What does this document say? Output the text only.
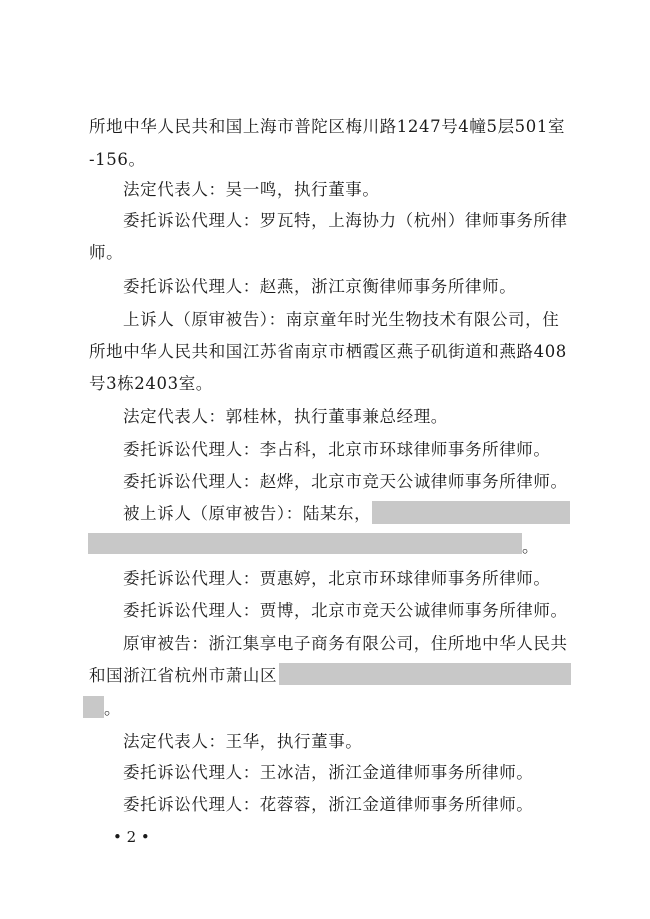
所地中华人民共和国上海市普陀区梅川路1247号4幢5层501室
-156。
法定代表人：吴一鸣，执行董事。
委托诉讼代理人：罗瓦特，上海协力（杭州）律师事务所律
师。
委托诉讼代理人：赵燕，浙江京衡律师事务所律师。
上诉人（原审被告）：南京童年时光生物技术有限公司，住
所地中华人民共和国江苏省南京市栖霞区燕子矶街道和燕路408
号3栋2403室。
法定代表人：郭桂林，执行董事兼总经理。
委托诉讼代理人：李占科，北京市环球律师事务所律师。
委托诉讼代理人：赵烨，北京市竞天公诚律师事务所律师。
被上诉人（原审被告）：陆某东，
。
委托诉讼代理人：贾惠婷，北京市环球律师事务所律师。
委托诉讼代理人：贾博，北京市竞天公诚律师事务所律师。
原审被告：浙江集享电子商务有限公司，住所地中华人民共
和国浙江省杭州市萧山区
。
法定代表人：王华，执行董事。
委托诉讼代理人：王冰洁，浙江金道律师事务所律师。
委托诉讼代理人：花蓉蓉，浙江金道律师事务所律师。
• 2 •
